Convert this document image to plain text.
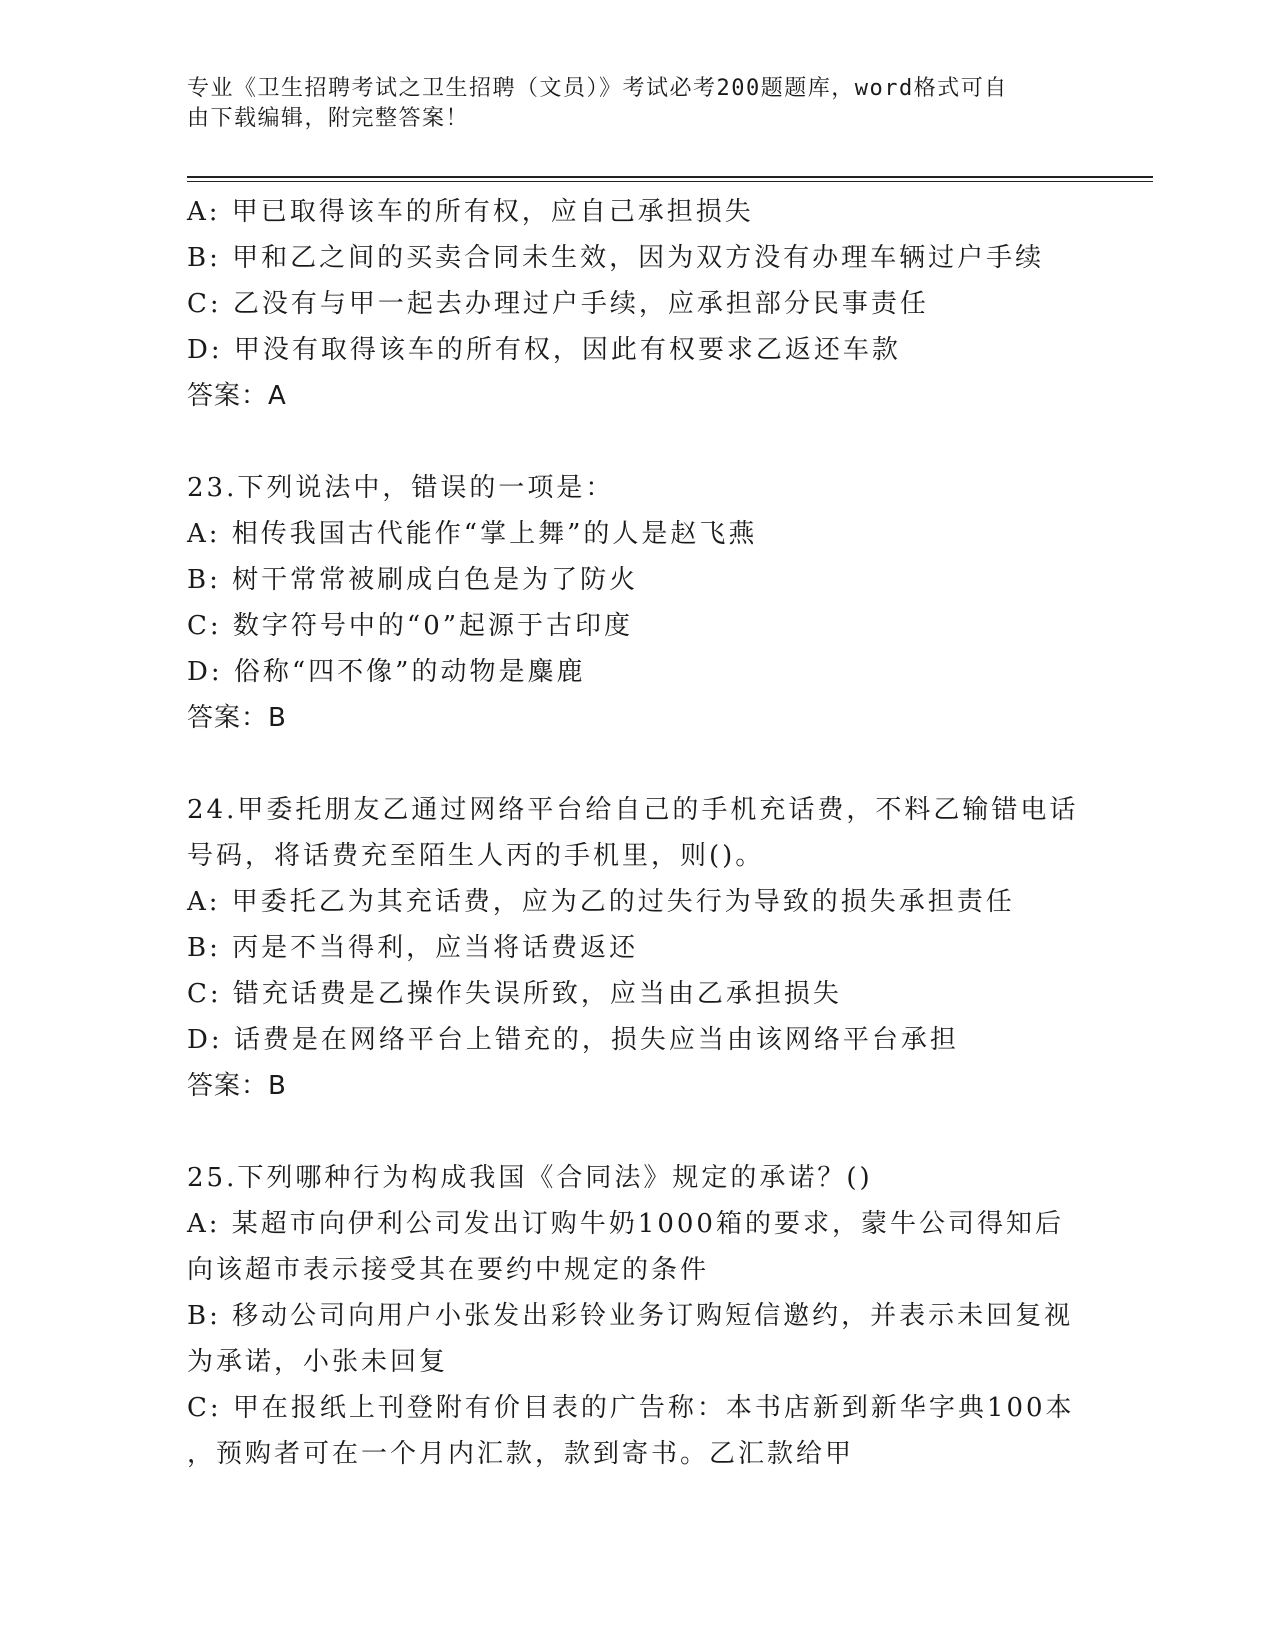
专业《卫生招聘考试之卫生招聘（文员）》考试必考200题题库，word格式可自
由下载编辑，附完整答案！

A: 甲已取得该车的所有权，应自己承担损失

B: 甲和乙之间的买卖合同未生效，因为双方没有办理车辆过户手续

C: 乙没有与甲一起去办理过户手续，应承担部分民事责任

D: 甲没有取得该车的所有权，因此有权要求乙返还车款

答案：A

23.下列说法中，错误的一项是：

A: 相传我国古代能作“掌上舞”的人是赵飞燕

B: 树干常常被刷成白色是为了防火

C: 数字符号中的“0”起源于古印度

D: 俗称“四不像”的动物是麋鹿

答案：B

24.甲委托朋友乙通过网络平台给自己的手机充话费，不料乙输错电话

号码，将话费充至陌生人丙的手机里，则()。

A: 甲委托乙为其充话费，应为乙的过失行为导致的损失承担责任

B: 丙是不当得利，应当将话费返还

C: 错充话费是乙操作失误所致，应当由乙承担损失

D: 话费是在网络平台上错充的，损失应当由该网络平台承担

答案：B

25.下列哪种行为构成我国《合同法》规定的承诺？()

A: 某超市向伊利公司发出订购牛奶1000箱的要求，蒙牛公司得知后

向该超市表示接受其在要约中规定的条件

B: 移动公司向用户小张发出彩铃业务订购短信邀约，并表示未回复视

为承诺，小张未回复

C: 甲在报纸上刊登附有价目表的广告称：本书店新到新华字典100本

，预购者可在一个月内汇款，款到寄书。乙汇款给甲
